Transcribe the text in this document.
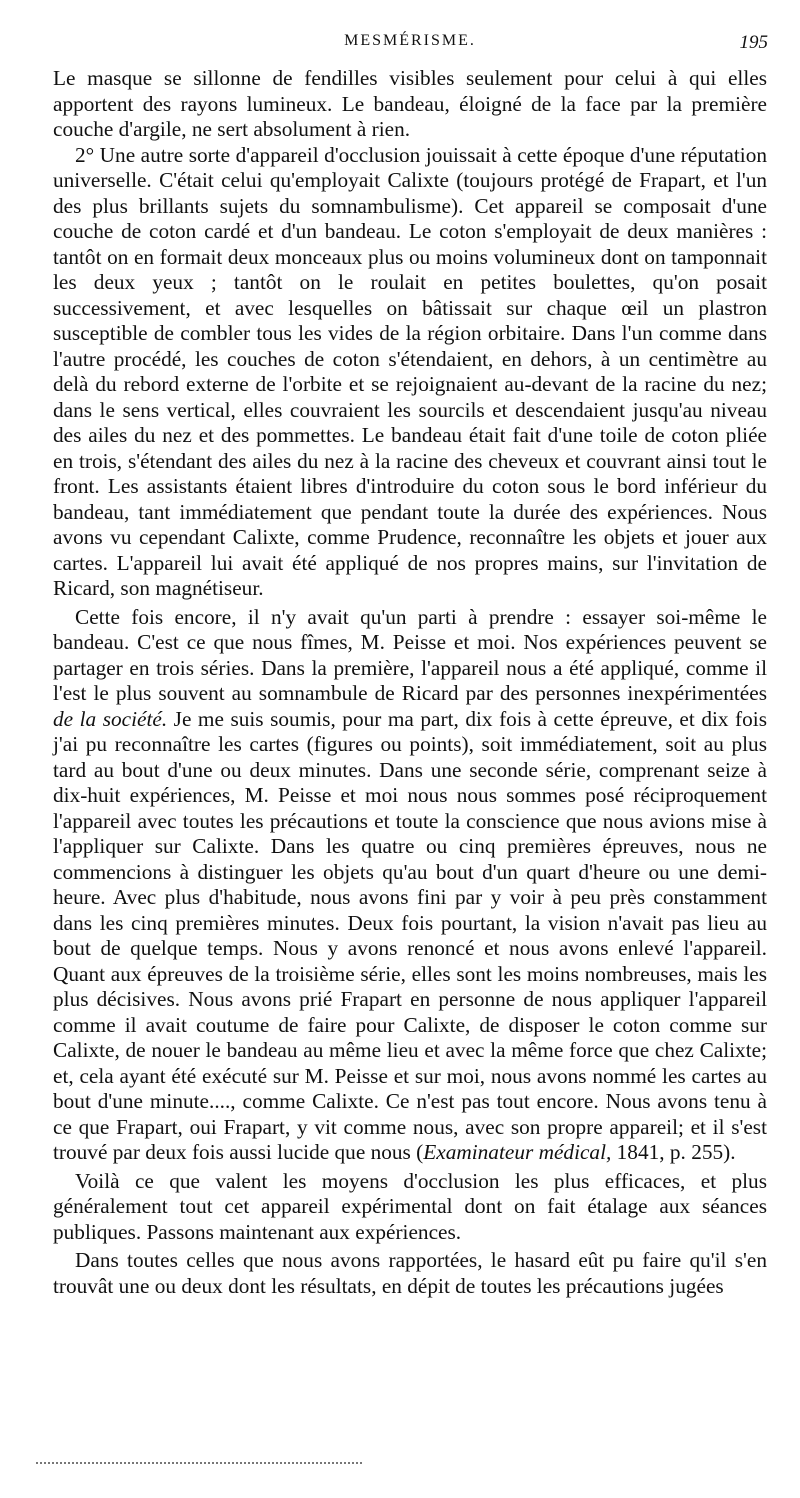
MESMÉRISME.	195

Le masque se sillonne de fendilles visibles seulement pour celui à qui elles apportent des rayons lumineux. Le bandeau, éloigné de la face par la première couche d'argile, ne sert absolument à rien.

2° Une autre sorte d'appareil d'occlusion jouissait à cette époque d'une réputation universelle. C'était celui qu'employait Calixte (toujours protégé de Frapart, et l'un des plus brillants sujets du somnambulisme). Cet appareil se composait d'une couche de coton cardé et d'un bandeau. Le coton s'employait de deux manières : tantôt on en formait deux monceaux plus ou moins volumineux dont on tamponnait les deux yeux ; tantôt on le roulait en petites boulettes, qu'on posait successivement, et avec lesquelles on bâtissait sur chaque œil un plastron susceptible de combler tous les vides de la région orbitaire. Dans l'un comme dans l'autre procédé, les couches de coton s'étendaient, en dehors, à un centimètre au delà du rebord externe de l'orbite et se rejoignaient au-devant de la racine du nez; dans le sens vertical, elles couvraient les sourcils et descendaient jusqu'au niveau des ailes du nez et des pommettes. Le bandeau était fait d'une toile de coton pliée en trois, s'étendant des ailes du nez à la racine des cheveux et couvrant ainsi tout le front. Les assistants étaient libres d'introduire du coton sous le bord inférieur du bandeau, tant immédiatement que pendant toute la durée des expériences. Nous avons vu cependant Calixte, comme Prudence, reconnaître les objets et jouer aux cartes. L'appareil lui avait été appliqué de nos propres mains, sur l'invitation de Ricard, son magnétiseur.

Cette fois encore, il n'y avait qu'un parti à prendre : essayer soi-même le bandeau. C'est ce que nous fîmes, M. Peisse et moi. Nos expériences peuvent se partager en trois séries. Dans la première, l'appareil nous a été appliqué, comme il l'est le plus souvent au somnambule de Ricard par des personnes inexpérimentées de la société. Je me suis soumis, pour ma part, dix fois à cette épreuve, et dix fois j'ai pu reconnaître les cartes (figures ou points), soit immédiatement, soit au plus tard au bout d'une ou deux minutes. Dans une seconde série, comprenant seize à dix-huit expériences, M. Peisse et moi nous nous sommes posé réciproquement l'appareil avec toutes les précautions et toute la conscience que nous avions mise à l'appliquer sur Calixte. Dans les quatre ou cinq premières épreuves, nous ne commencions à distinguer les objets qu'au bout d'un quart d'heure ou une demi-heure. Avec plus d'habitude, nous avons fini par y voir à peu près constamment dans les cinq premières minutes. Deux fois pourtant, la vision n'avait pas lieu au bout de quelque temps. Nous y avons renoncé et nous avons enlevé l'appareil. Quant aux épreuves de la troisième série, elles sont les moins nombreuses, mais les plus décisives. Nous avons prié Frapart en personne de nous appliquer l'appareil comme il avait coutume de faire pour Calixte, de disposer le coton comme sur Calixte, de nouer le bandeau au même lieu et avec la même force que chez Calixte; et, cela ayant été exécuté sur M. Peisse et sur moi, nous avons nommé les cartes au bout d'une minute...., comme Calixte. Ce n'est pas tout encore. Nous avons tenu à ce que Frapart, oui Frapart, y vit comme nous, avec son propre appareil; et il s'est trouvé par deux fois aussi lucide que nous (Examinateur médical, 1841, p. 255).

Voilà ce que valent les moyens d'occlusion les plus efficaces, et plus généralement tout cet appareil expérimental dont on fait étalage aux séances publiques. Passons maintenant aux expériences.

Dans toutes celles que nous avons rapportées, le hasard eût pu faire qu'il s'en trouvât une ou deux dont les résultats, en dépit de toutes les précautions jugées
